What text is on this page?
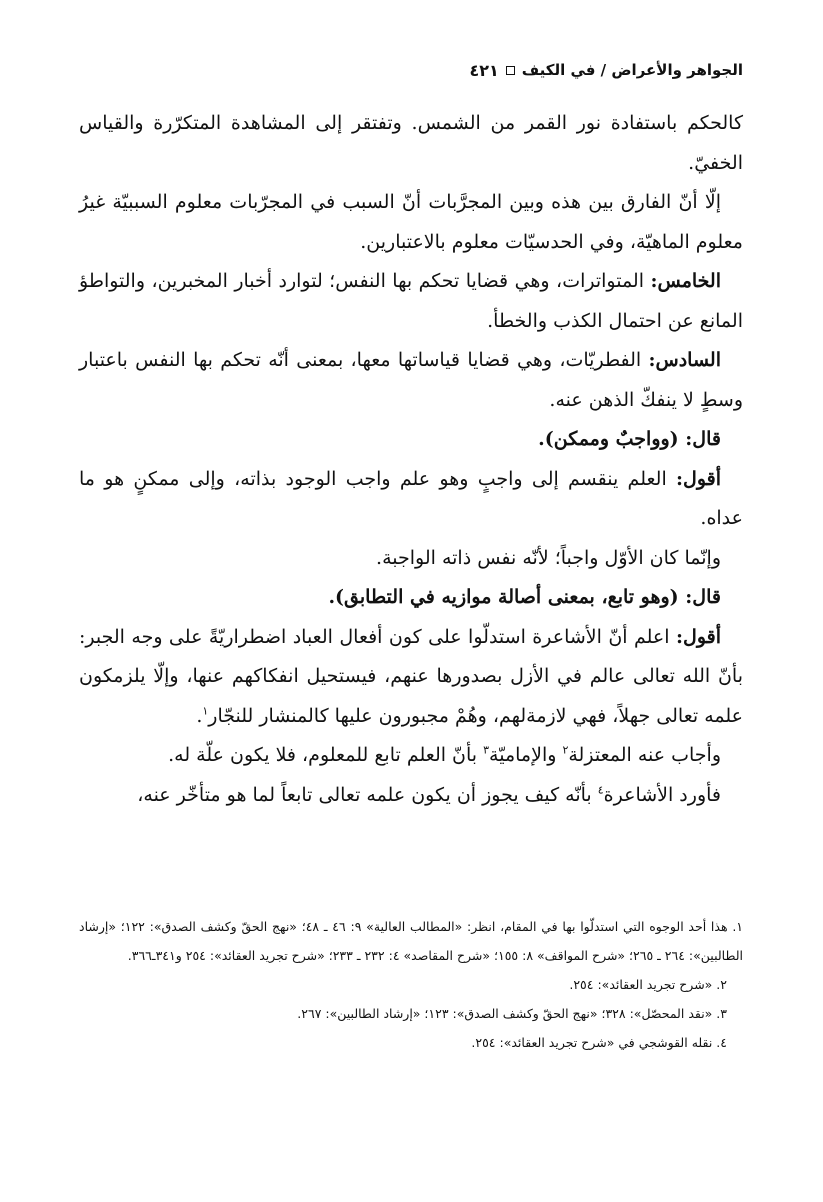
الجواهر والأعراض / في الكيف
٤٢١

كالحكم باستفادة نور القمر من الشمس. وتفتقر إلى المشاهدة المتكرّرة والقياس الخفيّ.

إلّا أنّ الفارق بين هذه وبين المجرَّبات أنّ السبب في المجرّبات معلوم السببيّة غيرُ معلوم الماهيّة، وفي الحدسيّات معلوم بالاعتبارين.

الخامس: المتواترات، وهي قضايا تحكم بها النفس؛ لتوارد أخبار المخبرين، والتواطؤ المانع عن احتمال الكذب والخطأ.

السادس: الفطريّات، وهي قضايا قياساتها معها، بمعنى أنّه تحكم بها النفس باعتبار وسطٍ لا ينفكّ الذهن عنه.

قال: (وواجبٌ وممكن).

أقول: العلم ينقسم إلى واجبٍ وهو علم واجب الوجود بذاته، وإلى ممكنٍ هو ما عداه.

وإنّما كان الأوّل واجباً؛ لأنّه نفس ذاته الواجبة.

قال: (وهو تابع، بمعنى أصالة موازيه في التطابق).

أقول: اعلم أنّ الأشاعرة استدلّوا على كون أفعال العباد اضطراريّةً على وجه الجبر: بأنّ الله تعالى عالم في الأزل بصدورها عنهم، فيستحيل انفكاكهم عنها، وإلّا يلزمكون علمه تعالى جهلاً، فهي لازمةلهم، وهُمْ مجبورون عليها كالمنشار للنجّار$^١$.

وأجاب عنه المعتزلة$^٢$ والإماميّة$^٣$ بأنّ العلم تابع للمعلوم، فلا يكون علّة له.

فأورد الأشاعرة$^٤$ بأنّه كيف يجوز أن يكون علمه تعالى تابعاً لما هو متأخّر عنه،

١. هذا أحد الوجوه التي استدلّوا بها في المقام، انظر: «المطالب العالية» ٩: ٤٦ ـ ٤٨؛ «نهج الحقّ وكشف الصدق»: ١٢٢؛ «إرشاد الطالبين»: ٢٦٤ ـ ٢٦٥؛ «شرح المواقف» ٨: ١٥٥؛ «شرح المقاصد» ٤: ٢٣٢ ـ ٢٣٣؛ «شرح تجريد العقائد»: ٢٥٤ و٣٤١ـ٣٦٦.

٢. «شرح تجريد العقائد»: ٢٥٤.

٣. «نقد المحصّل»: ٣٢٨؛ «نهج الحقّ وكشف الصدق»: ١٢٣؛ «إرشاد الطالبين»: ٢٦٧.

٤. نقله القوشجي في «شرح تجريد العقائد»: ٢٥٤.
